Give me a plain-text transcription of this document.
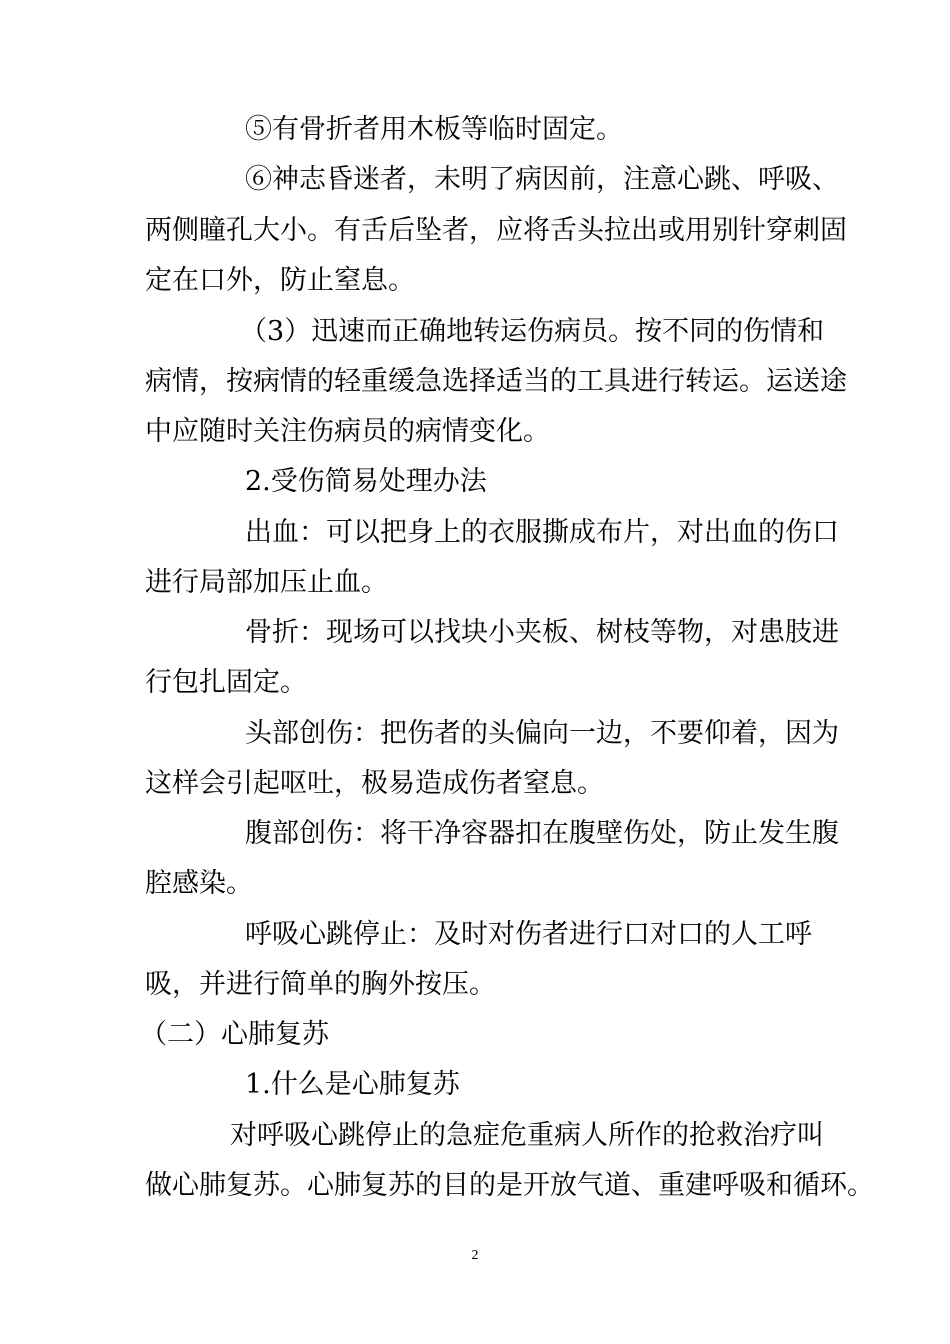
⑤有骨折者用木板等临时固定。
⑥神志昏迷者，未明了病因前，注意心跳、呼吸、
两侧瞳孔大小。有舌后坠者，应将舌头拉出或用别针穿刺固
定在口外，防止窒息。
（3）迅速而正确地转运伤病员。按不同的伤情和
病情，按病情的轻重缓急选择适当的工具进行转运。运送途
中应随时关注伤病员的病情变化。
2.受伤简易处理办法
出血：可以把身上的衣服撕成布片，对出血的伤口
进行局部加压止血。
骨折：现场可以找块小夹板、树枝等物，对患肢进
行包扎固定。
头部创伤：把伤者的头偏向一边，不要仰着，因为
这样会引起呕吐，极易造成伤者窒息。
腹部创伤：将干净容器扣在腹壁伤处，防止发生腹
腔感染。
呼吸心跳停止：及时对伤者进行口对口的人工呼
吸，并进行简单的胸外按压。
（二）心肺复苏
1.什么是心肺复苏
对呼吸心跳停止的急症危重病人所作的抢救治疗叫
做心肺复苏。心肺复苏的目的是开放气道、重建呼吸和循环。
2
